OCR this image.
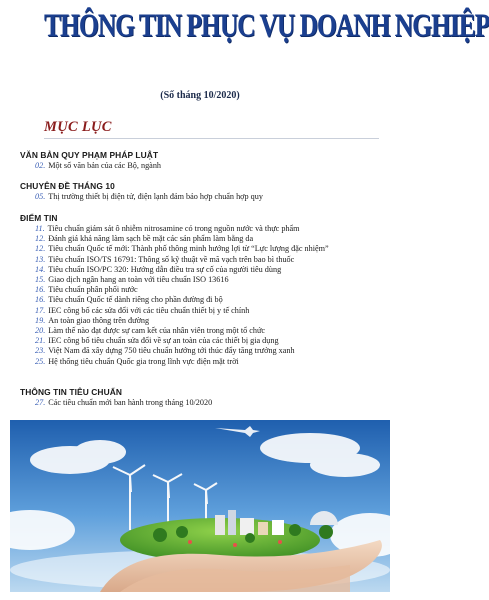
THÔNG TIN PHỤC VỤ DOANH NGHIỆP
(Số tháng 10/2020)
MỤC LỤC
VĂN BẢN QUY PHẠM PHÁP LUẬT
02. Một số văn bản của các Bộ, ngành
CHUYÊN ĐỀ THÁNG 10
05. Thị trường thiết bị điện tử, điện lạnh đảm bảo hợp chuẩn hợp quy
ĐIỂM TIN
11. Tiêu chuẩn giám sát ô nhiễm nitrosamine có trong nguồn nước và thực phẩm
12. Đánh giá khả năng làm sạch bề mặt các sản phẩm làm bằng da
12. Tiêu chuẩn Quốc tế mới: Thành phố thông minh hướng lợi từ “Lực lượng đặc nhiệm”
13. Tiêu chuẩn ISO/TS 16791: Thông số kỹ thuật về mã vạch trên bao bì thuốc
14. Tiêu chuẩn ISO/PC 320: Hướng dẫn điều tra sự cố của người tiêu dùng
15. Giao dịch ngân hang an toàn với tiêu chuẩn ISO 13616
16. Tiêu chuẩn phân phối nước
16. Tiêu chuẩn Quốc tế dành riêng cho phần đường đi bộ
17. IEC công bố các sửa đổi với các tiêu chuẩn thiết bị y tế chính
19. An toàn giao thông trên đường
20. Làm thế nào đạt được sự cam kết của nhân viên trong một tổ chức
21. IEC công bố tiêu chuẩn sửa đổi về sự an toàn của các thiết bị gia dụng
23. Việt Nam đã xây dựng 750 tiêu chuẩn hướng tới thúc đẩy tăng trưởng xanh
25. Hệ thống tiêu chuẩn Quốc gia trong lĩnh vực điện mặt trời
THÔNG TIN TIÊU CHUẨN
27. Các tiêu chuẩn mới ban hành trong tháng 10/2020
